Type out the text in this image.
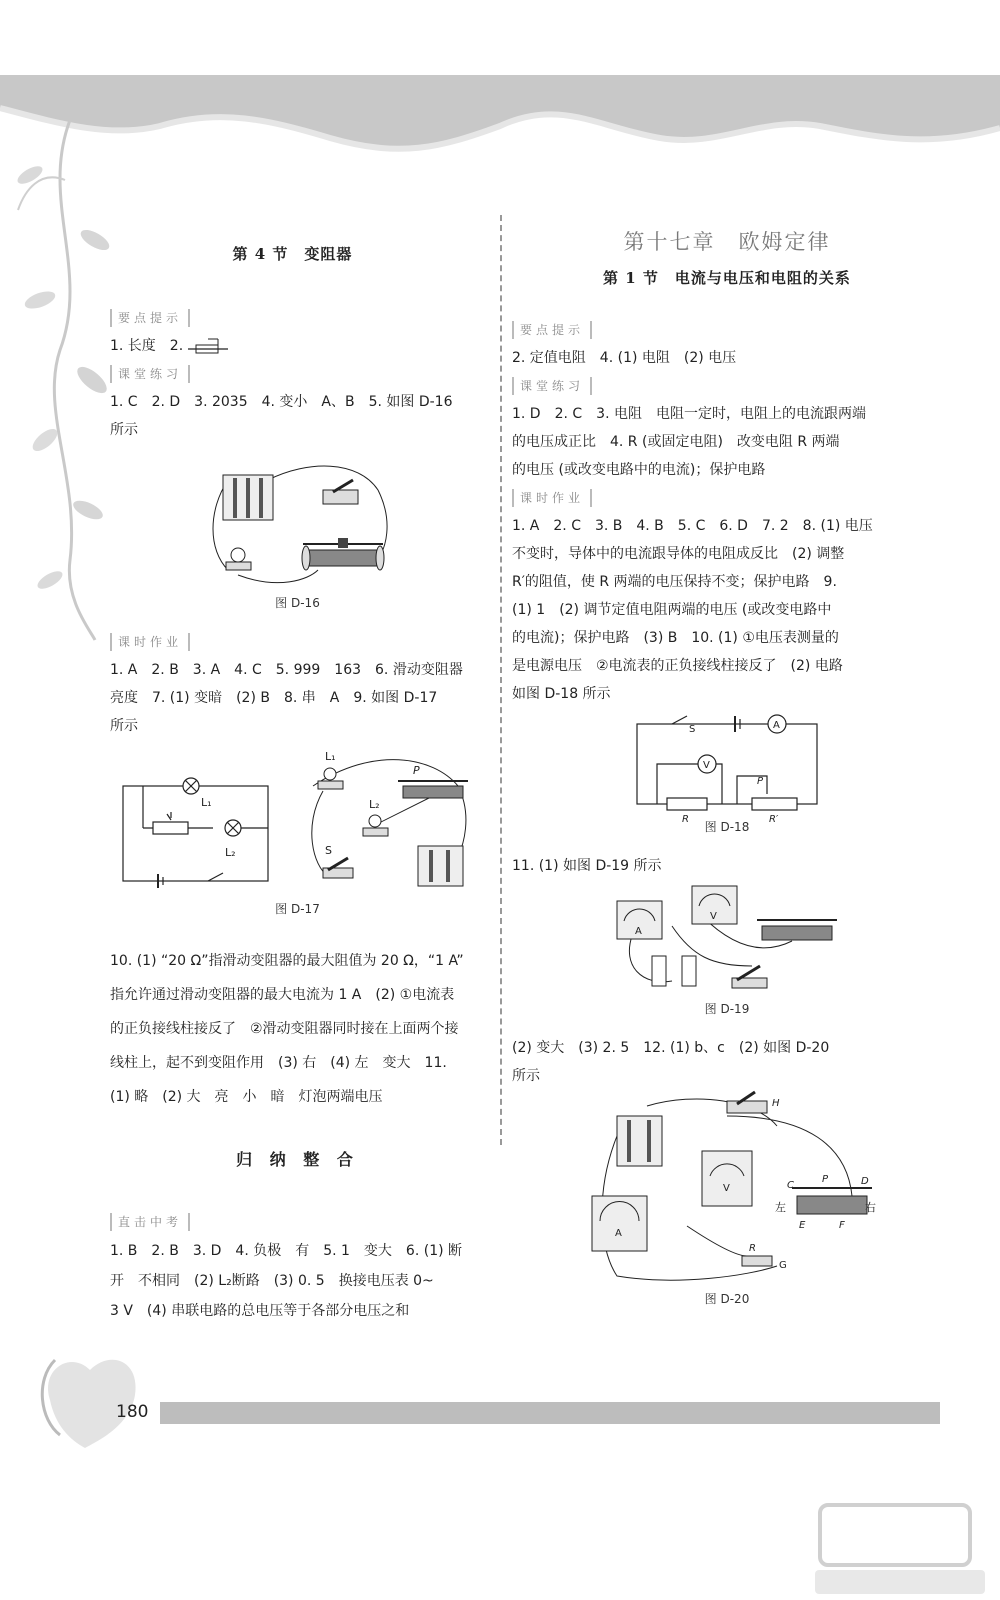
第 4 节　变阻器
要点提示

1. 长度　2.

课堂练习

1. C　2. D　3. 2035　4. 变小　A、B　5. 如图 D-16

所示

图 D-16
课时作业

1. A　2. B　3. A　4. C　5. 999　163　6. 滑动变阻器

亮度　7. (1) 变暗　(2) B　8. 串　A　9. 如图 D-17

所示

L₁
L₂
L₁
L₂
P
S
图 D-17

10. (1) “20 Ω”指滑动变阻器的最大阻值为 20 Ω，“1 A”

指允许通过滑动变阻器的最大电流为 1 A　(2) ①电流表

的正负接线柱接反了　②滑动变阻器同时接在上面两个接

线柱上，起不到变阻作用　(3) 右　(4) 左　变大　11.

(1) 略　(2) 大　亮　小　暗　灯泡两端电压

归 纳 整 合
直击中考

1. B　2. B　3. D　4. 负极　有　5. 1　变大　6. (1) 断

开　不相同　(2) L₂断路　(3) 0. 5　换接电压表 0~

3 V　(4) 串联电路的总电压等于各部分电压之和

第十七章　欧姆定律
第 1 节　电流与电压和电阻的关系
要点提示

2. 定值电阻　4. (1) 电阻　(2) 电压

课堂练习

1. D　2. C　3. 电阻　电阻一定时，电阻上的电流跟两端

的电压成正比　4. R (或固定电阻)　改变电阻 R 两端

的电压 (或改变电路中的电流)；保护电路

课时作业

1. A　2. C　3. B　4. B　5. C　6. D　7. 2　8. (1) 电压

不变时，导体中的电流跟导体的电阻成反比　(2) 调整

R′的阻值，使 R 两端的电压保持不变；保护电路　9.

(1) 1　(2) 调节定值电阻两端的电压 (或改变电路中

的电流)；保护电路　(3) B　10. (1) ①电压表测量的

是电源电压　②电流表的正负接线柱接反了　(2) 电路

如图 D-18 所示

S	A
V
R
P
R′
图 D-18

11. (1) 如图 D-19 所示

A
V
图 D-19

(2) 变大　(3) 2. 5　12. (1) b、c　(2) 如图 D-20

所示

H
C	D
P
左	右
E	F
R
G
A
V
图 D-20
180
